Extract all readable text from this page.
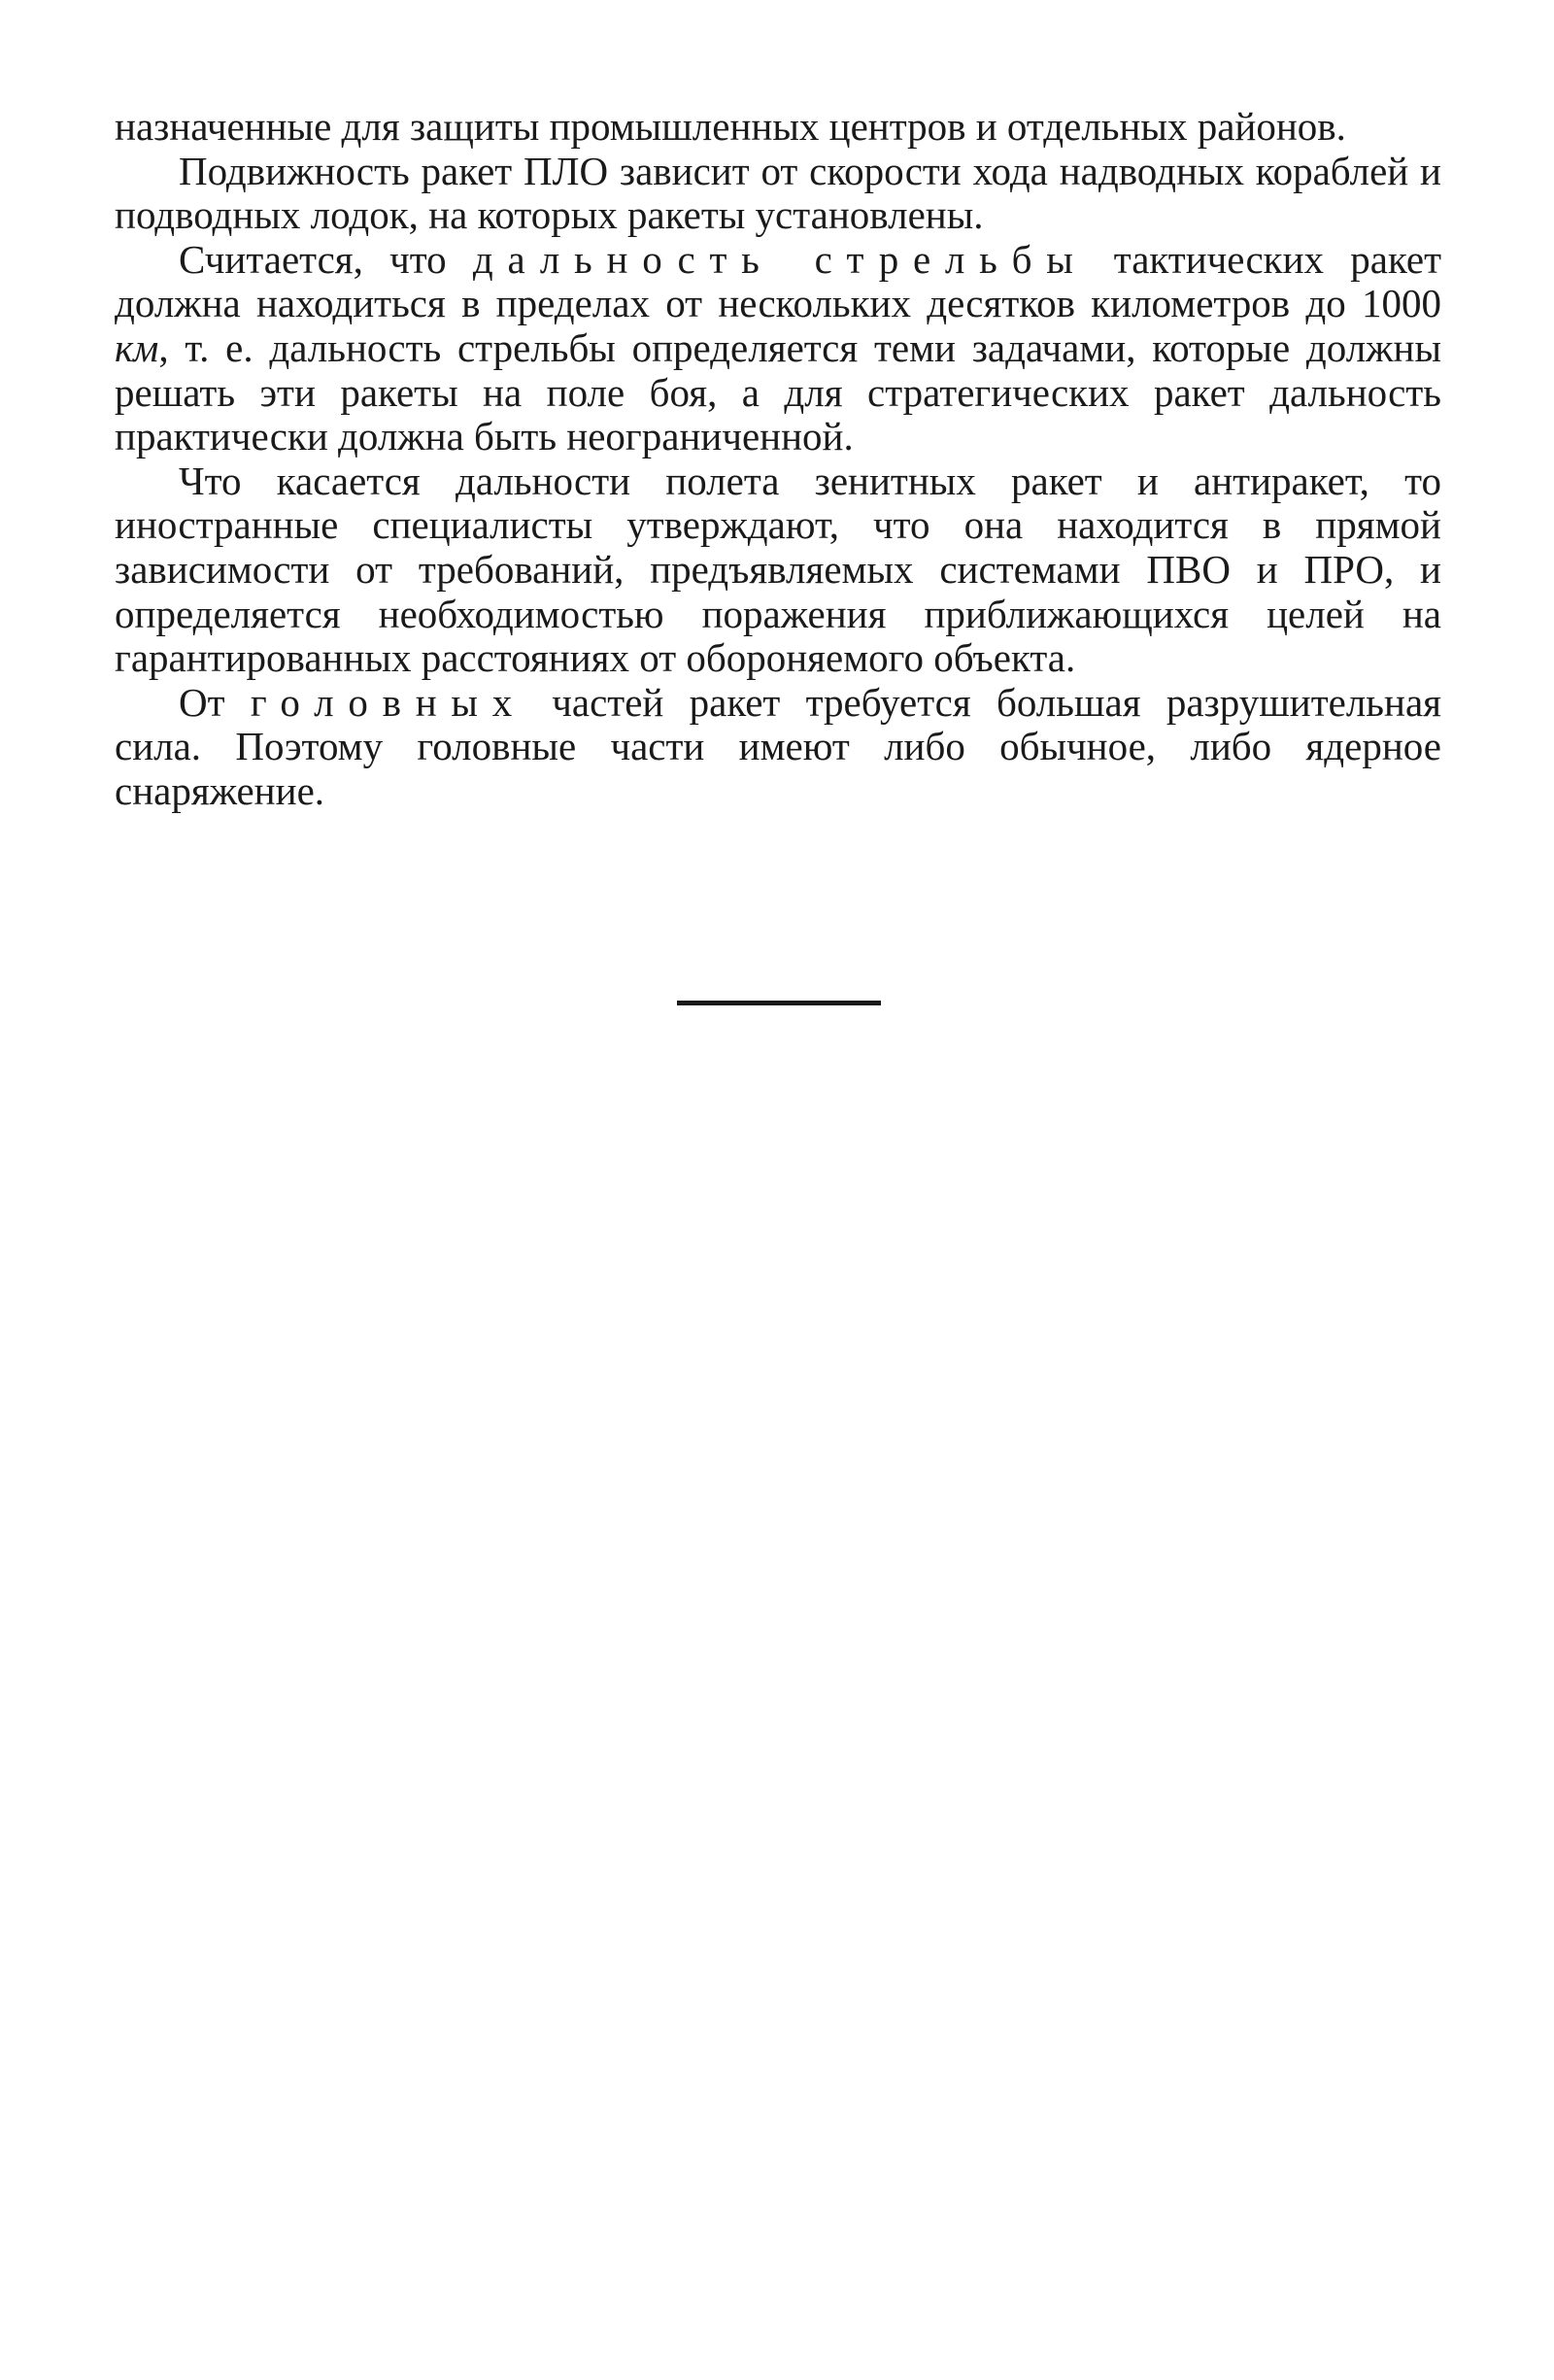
назначенные для защиты промышленных центров и отдельных районов.

Подвижность ракет ПЛО зависит от скорости хода надводных кораблей и подводных лодок, на которых ракеты установлены.

Считается, что дальность стрельбы тактических ракет должна находиться в пределах от нескольких десятков километров до 1000 км, т. е. дальность стрельбы определяется теми задачами, которые должны решать эти ракеты на поле боя, а для стратегических ракет дальность практически должна быть неограниченной.

Что касается дальности полета зенитных ракет и антиракет, то иностранные специалисты утверждают, что она находится в прямой зависимости от требований, предъявляемых системами ПВО и ПРО, и определяется необходимостью поражения приближающихся целей на гарантированных расстояниях от обороняемого объекта.

От головных частей ракет требуется большая разрушительная сила. Поэтому головные части имеют либо обычное, либо ядерное снаряжение.
